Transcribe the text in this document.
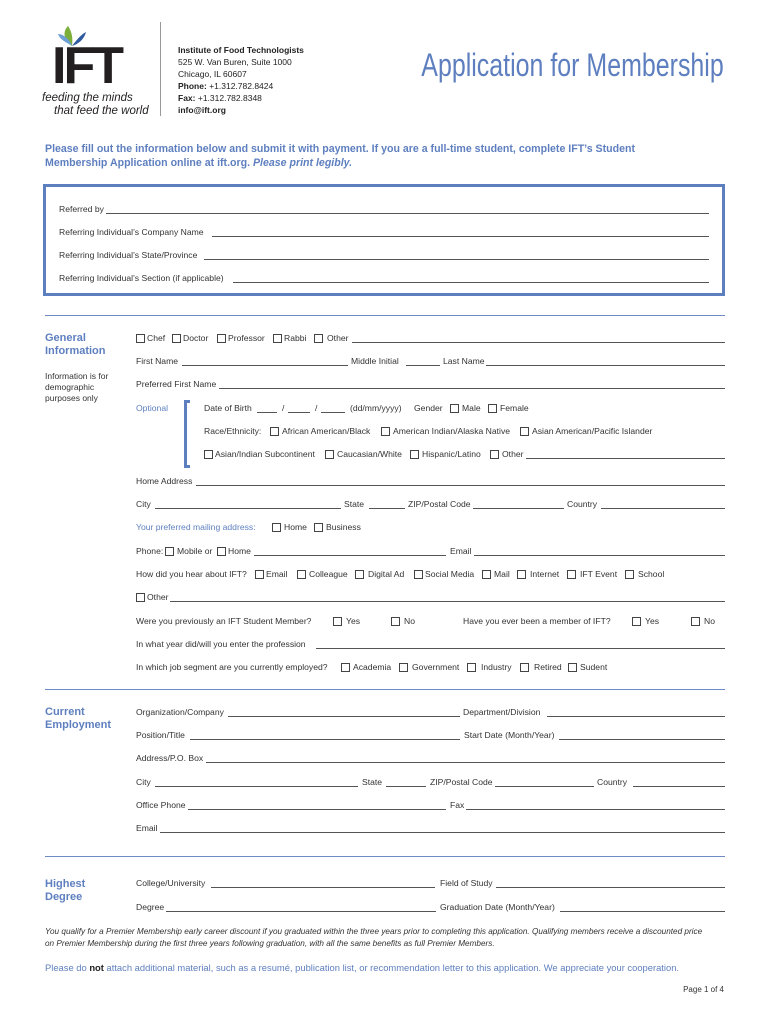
IFT
feeding the minds
that feed the world
Institute of Food Technologists
525 W. Van Buren, Suite 1000
Chicago, IL 60607
Phone: +1.312.782.8424
Fax: +1.312.782.8348
info@ift.org
Application for Membership
Please fill out the information below and submit it with payment. If you are a full-time student, complete IFT’s Student
Membership Application online at ift.org. Please print legibly.
Referred by
Referring Individual’s Company Name
Referring Individual’s State/Province
Referring Individual’s Section (if applicable)
General
Information
Information is for
demographic
purposes only
Chef Doctor Professor Rabbi Other
First Name	Middle Initial	Last Name
Preferred First Name
Optional	Date of Birth	/	/	(dd/mm/yyyy) Gender Male Female
Race/Ethnicity: African American/Black	American Indian/Alaska Native	Asian American/Pacific Islander
Asian/Indian Subcontinent	Caucasian/White Hispanic/Latino Other
Home Address
City	State	ZIP/Postal Code	Country
Your preferred mailing address:	Home Business
Phone: Mobile or Home	Email
How did you hear about IFT? Email	Colleague Digital Ad Social Media Mail Internet IFT Event School
Other
Were you previously an IFT Student Member?	Yes	No	Have you ever been a member of IFT?	Yes	No
In what year did/will you enter the profession
In which job segment are you currently employed?	Academia Government	Industry	Retired Sudent
Current
Employment
Organization/Company	Department/Division
Position/Title	Start Date (Month/Year)
Address/P.O. Box
City	State	ZIP/Postal Code	Country
Office Phone	Fax
Email
Highest
Degree
College/University	Field of Study
Degree	Graduation Date (Month/Year)
You qualify for a Premier Membership early career discount if you graduated within the three years prior to completing this application. Qualifying members receive a discounted price
on Premier Membership during the first three years following graduation, with all the same benefits as full Premier Members.
Please do not attach additional material, such as a resumé, publication list, or recommendation letter to this application. We appreciate your cooperation.
Page 1 of 4
